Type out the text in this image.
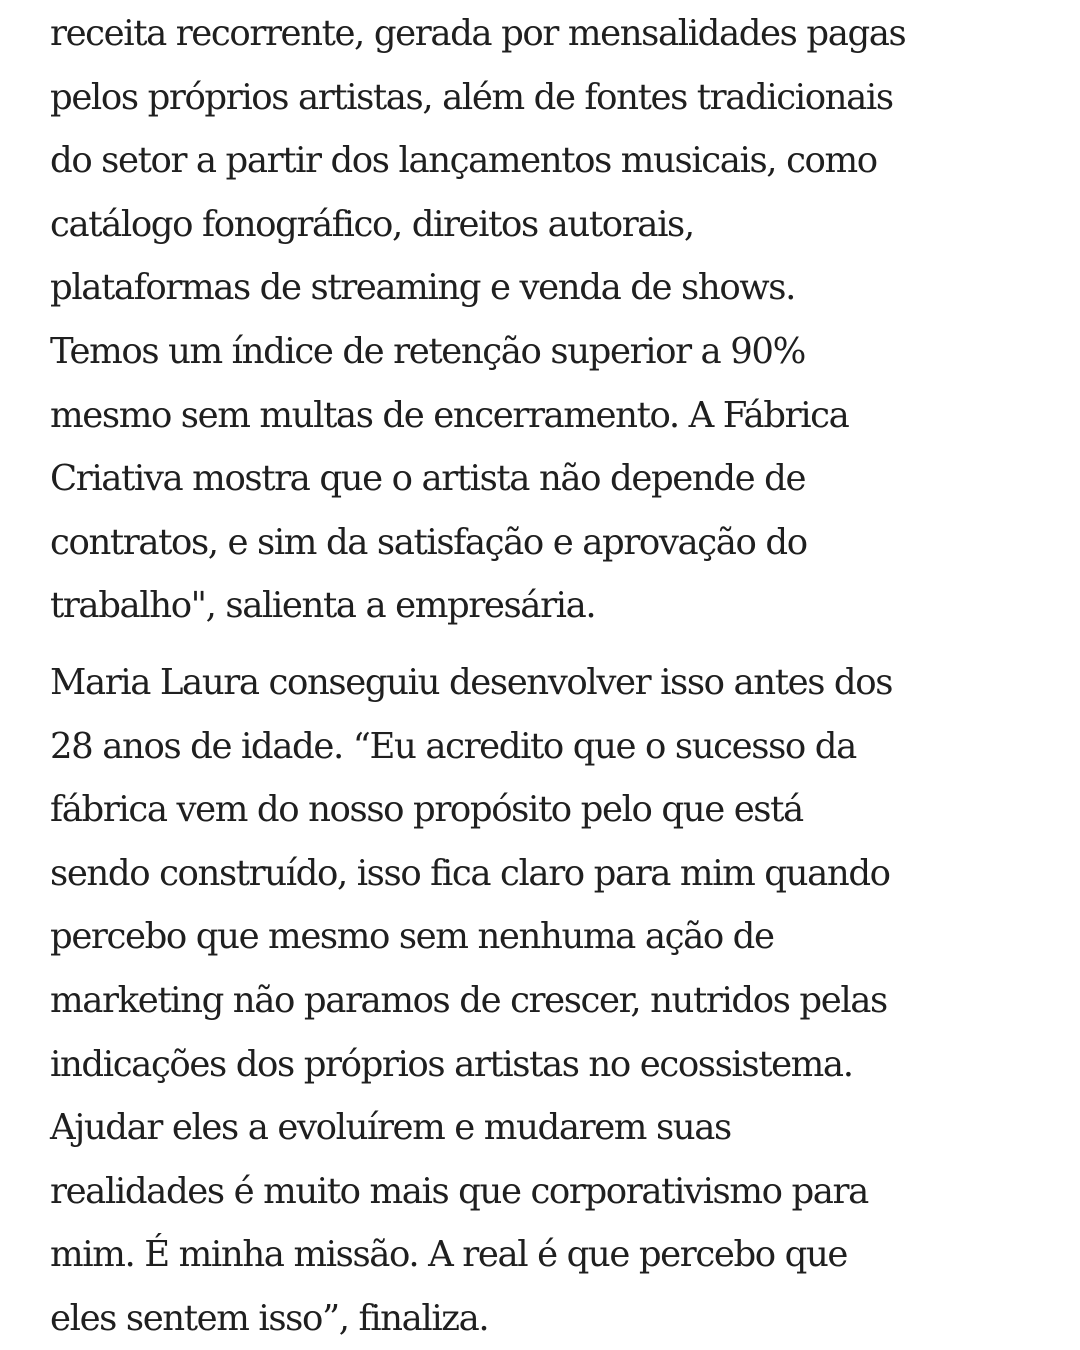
receita recorrente, gerada por mensalidades pagas
pelos próprios artistas, além de fontes tradicionais
do setor a partir dos lançamentos musicais, como
catálogo fonográfico, direitos autorais,
plataformas de streaming e venda de shows.
Temos um índice de retenção superior a 90%
mesmo sem multas de encerramento. A Fábrica
Criativa mostra que o artista não depende de
contratos, e sim da satisfação e aprovação do
trabalho", salienta a empresária.

Maria Laura conseguiu desenvolver isso antes dos
28 anos de idade. “Eu acredito que o sucesso da
fábrica vem do nosso propósito pelo que está
sendo construído, isso fica claro para mim quando
percebo que mesmo sem nenhuma ação de
marketing não paramos de crescer, nutridos pelas
indicações dos próprios artistas no ecossistema.
Ajudar eles a evoluírem e mudarem suas
realidades é muito mais que corporativismo para
mim. É minha missão. A real é que percebo que
eles sentem isso”, finaliza.
